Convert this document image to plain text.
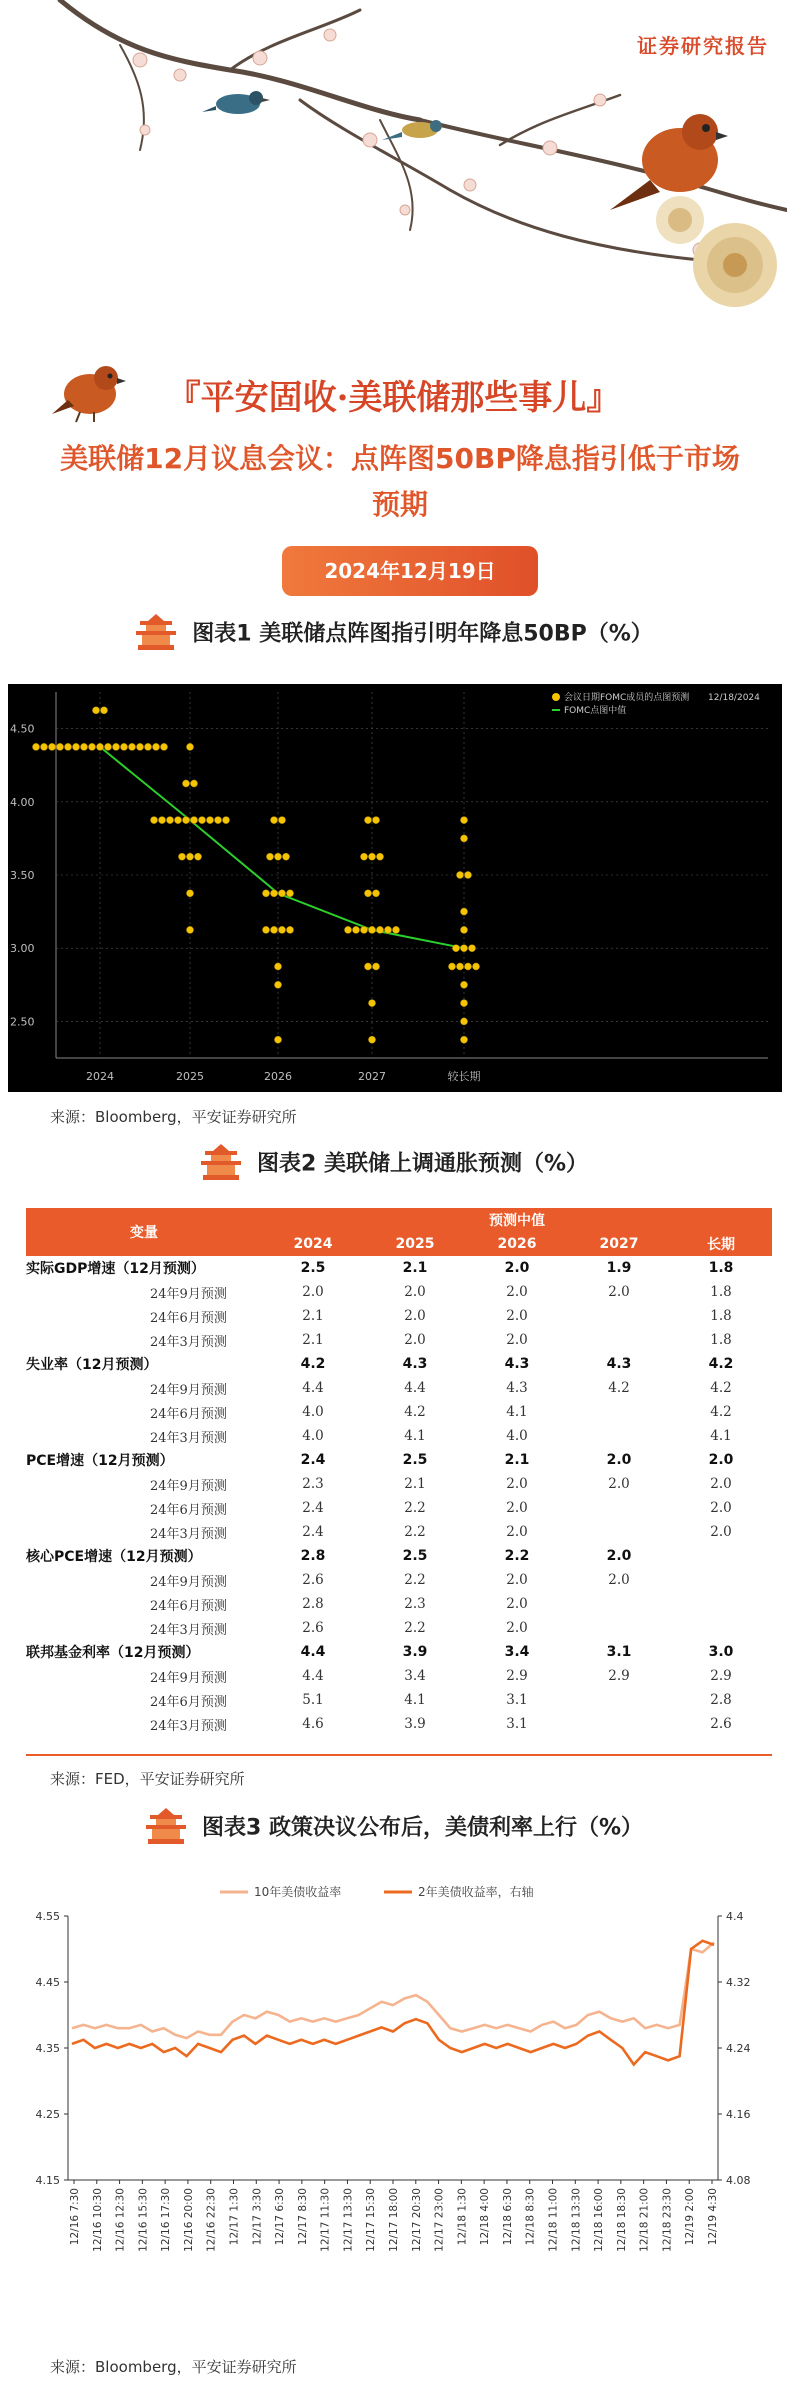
证券研究报告
『平安固收·美联储那些事儿』
美联储12月议息会议：点阵图50BP降息指引低于市场预期
2024年12月19日
图表1 美联储点阵图指引明年降息50BP（%）
4.50
4.00
3.50
3.00
2.50
2024	2025	2026	2027	较长期
会议日期FOMC成员的点图预测 12/18/2024
FOMC点图中值
来源：Bloomberg，平安证券研究所
图表2 美联储上调通胀预测（%）
变量	预测中值				
	2024	2025	2026	2027	长期
实际GDP增速（12月预测）	2.5	2.1	2.0	1.9	1.8
24年9月预测	2.0	2.0	2.0	2.0	1.8
24年6月预测	2.1	2.0	2.0		1.8
24年3月预测	2.1	2.0	2.0		1.8
失业率（12月预测）	4.2	4.3	4.3	4.3	4.2
24年9月预测	4.4	4.4	4.3	4.2	4.2
24年6月预测	4.0	4.2	4.1		4.2
24年3月预测	4.0	4.1	4.0		4.1
PCE增速（12月预测）	2.4	2.5	2.1	2.0	2.0
24年9月预测	2.3	2.1	2.0	2.0	2.0
24年6月预测	2.4	2.2	2.0		2.0
24年3月预测	2.4	2.2	2.0		2.0
核心PCE增速（12月预测）	2.8	2.5	2.2	2.0	
24年9月预测	2.6	2.2	2.0	2.0	
24年6月预测	2.8	2.3	2.0		
24年3月预测	2.6	2.2	2.0		
联邦基金利率（12月预测）	4.4	3.9	3.4	3.1	3.0
24年9月预测	4.4	3.4	2.9	2.9	2.9
24年6月预测	5.1	4.1	3.1		2.8
24年3月预测	4.6	3.9	3.1		2.6
来源：FED，平安证券研究所
图表3 政策决议公布后，美债利率上行（%）
10年美债收益率	2年美债收益率，右轴
4.55
4.45
4.35
4.25
4.15
4.4
4.32
4.24
4.16
4.08
12/16 7:30 12/16 10:30 12/16 12:30 12/16 15:30 12/16 17:30 12/16 20:00 12/16 22:30 12/17 1:30 12/17 3:30 12/17 6:30 12/17 8:30 12/17 11:30 12/17 13:30 12/17 15:30 12/17 18:00 12/17 20:30 12/17 23:00 12/18 1:30 12/18 4:00 12/18 6:30 12/18 8:30 12/18 11:00 12/18 13:30 12/18 16:00 12/18 18:30 12/18 21:00 12/18 23:30 12/19 2:00 12/19 4:30
来源：Bloomberg，平安证券研究所
